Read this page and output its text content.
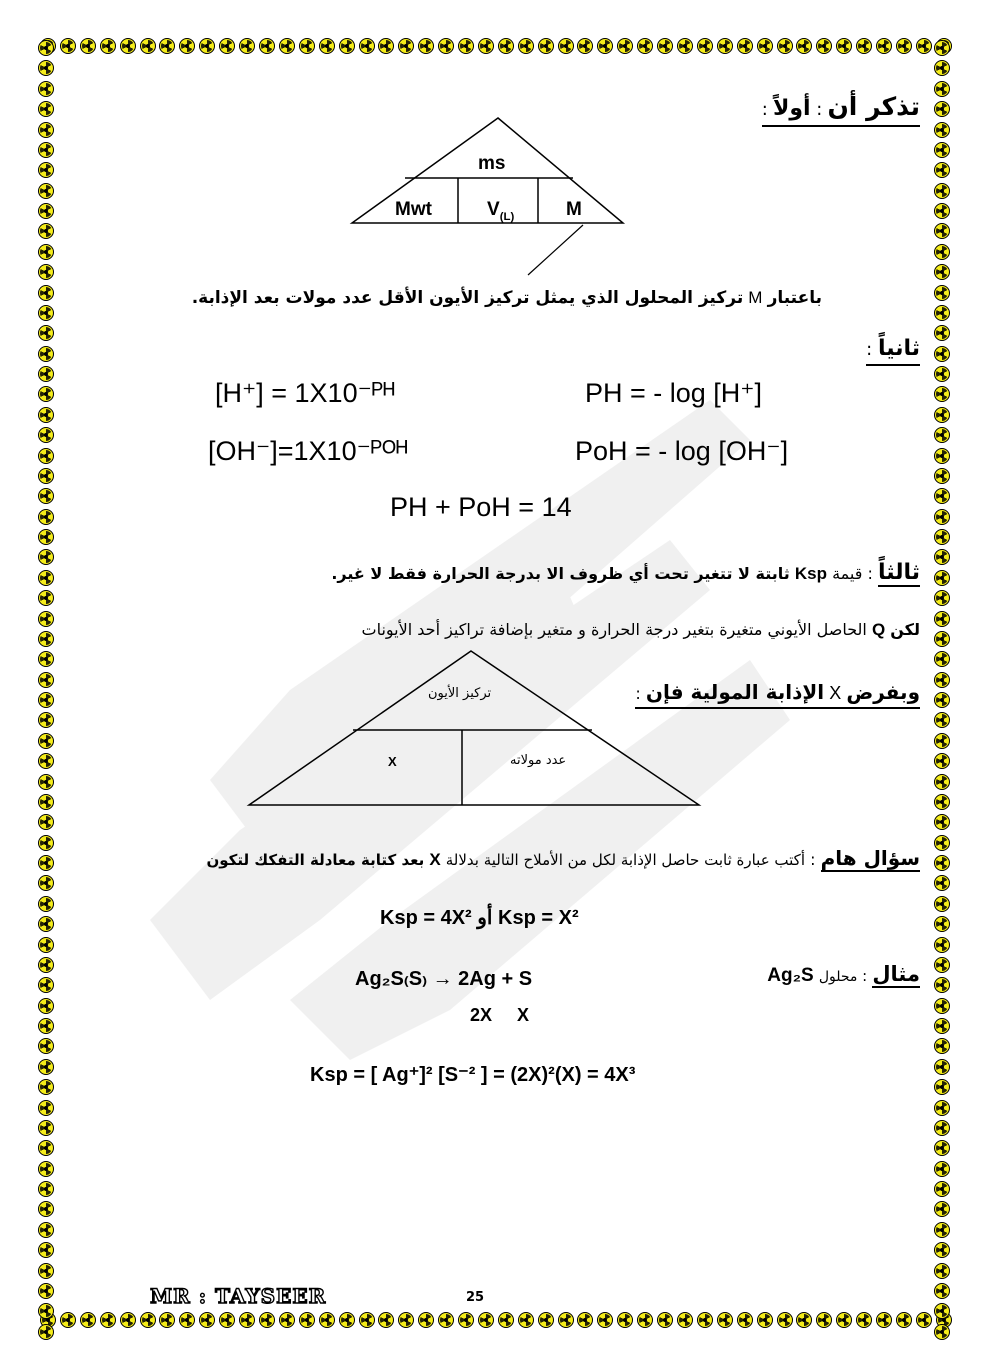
تذكر أن : أولاً :
ms
Mwt	$V_{(L)}$	M
باعتبار M تركيز المحلول الذي يمثل تركيز الأيون الأقل عدد مولات بعد الإذابة.
ثانياً :
[H⁺] = 1X10⁻ᴾᴴ	PH = - log [H⁺]
[OH⁻]=1X10⁻ᴾᴼᴴ	PoH = - log [OH⁻]
PH + PoH = 14
ثالثاً : قيمة Ksp ثابتة لا تتغير تحت أي ظروف الا بدرجة الحرارة فقط لا غير.
لكن Q الحاصل الأيوني متغيرة بتغير درجة الحرارة و متغير بإضافة تراكيز أحد الأيونات
وبفرض X الإذابة المولية فإن :
تركيز الأيون
X	عدد مولاته
سؤال هام : أكتب عبارة ثابت حاصل الإذابة لكل من الأملاح التالية بدلالة X بعد كتابة معادلة التفكك لتكون
Ksp = 4X² أو Ksp = X²
مثال : محلول Ag₂S
Ag₂S₍S₎ → 2Ag + S
2X     X
Ksp = [ Ag⁺]² [S⁻² ] = (2X)²(X) = 4X³
MR : TAYSEER	25
